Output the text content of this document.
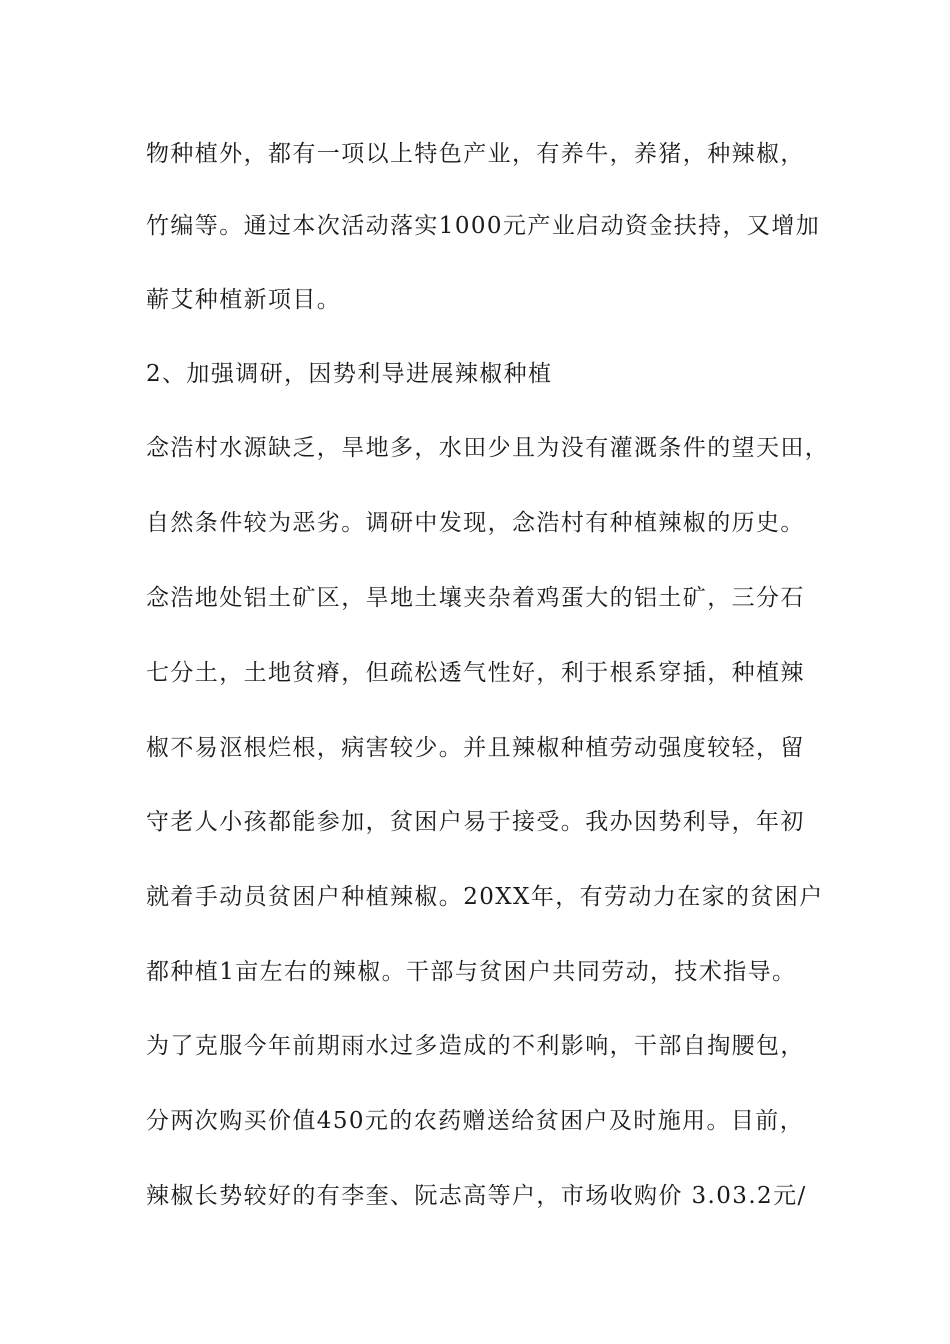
物种植外，都有一项以上特色产业，有养牛，养猪，种辣椒，
竹编等。通过本次活动落实1000元产业启动资金扶持，又增加
蕲艾种植新项目。
2、加强调研，因势利导进展辣椒种植
念浩村水源缺乏，旱地多，水田少且为没有灌溉条件的望天田，
自然条件较为恶劣。调研中发现，念浩村有种植辣椒的历史。
念浩地处铝土矿区，旱地土壤夹杂着鸡蛋大的铝土矿，三分石
七分土，土地贫瘠，但疏松透气性好，利于根系穿插，种植辣
椒不易沤根烂根，病害较少。并且辣椒种植劳动强度较轻，留
守老人小孩都能参加，贫困户易于接受。我办因势利导，年初
就着手动员贫困户种植辣椒。20XX年，有劳动力在家的贫困户
都种植1亩左右的辣椒。干部与贫困户共同劳动，技术指导。
为了克服今年前期雨水过多造成的不利影响，干部自掏腰包，
分两次购买价值450元的农药赠送给贫困户及时施用。目前，
辣椒长势较好的有李奎、阮志高等户，市场收购价 3.03.2元/
